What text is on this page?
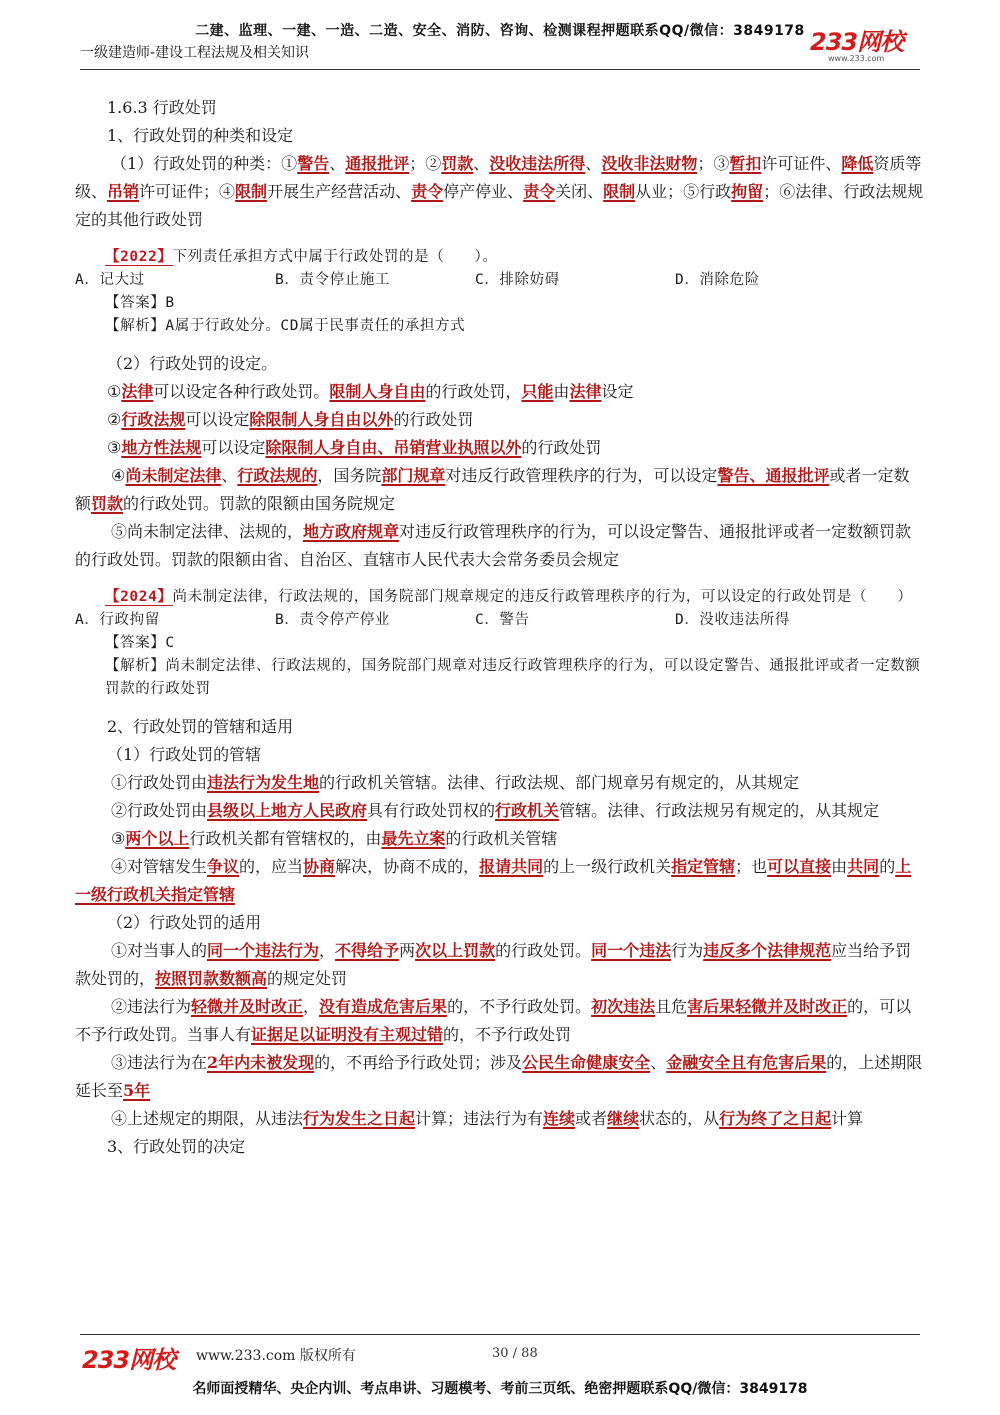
二建、监理、一建、一造、二造、安全、消防、咨询、检测课程押题联系QQ/微信：3849178
一级建造师-建设工程法规及相关知识	233网校
www.233.com

1.6.3 行政处罚

1、行政处罚的种类和设定

（1）行政处罚的种类：①警告、通报批评；②罚款、没收违法所得、没收非法财物；③暂扣许可证件、降低资质等级、吊销许可证件；④限制开展生产经营活动、责令停产停业、责令关闭、限制从业；⑤行政拘留；⑥法律、行政法规规定的其他行政处罚

【2022】下列责任承担方式中属于行政处罚的是（　　）。

A．记大过	B．责令停止施工	C．排除妨碍	D．消除危险

【答案】B

【解析】A属于行政处分。CD属于民事责任的承担方式

（2）行政处罚的设定。

①法律可以设定各种行政处罚。限制人身自由的行政处罚，只能由法律设定

②行政法规可以设定除限制人身自由以外的行政处罚

③地方性法规可以设定除限制人身自由、吊销营业执照以外的行政处罚

④尚未制定法律、行政法规的，国务院部门规章对违反行政管理秩序的行为，可以设定警告、通报批评或者一定数额罚款的行政处罚。罚款的限额由国务院规定

⑤尚未制定法律、法规的，地方政府规章对违反行政管理秩序的行为，可以设定警告、通报批评或者一定数额罚款的行政处罚。罚款的限额由省、自治区、直辖市人民代表大会常务委员会规定

【2024】尚未制定法律，行政法规的，国务院部门规章规定的违反行政管理秩序的行为，可以设定的行政处罚是（　　）

A．行政拘留	B．责令停产停业	C．警告	D．没收违法所得

【答案】C

【解析】尚未制定法律、行政法规的，国务院部门规章对违反行政管理秩序的行为，可以设定警告、通报批评或者一定数额罚款的行政处罚

2、行政处罚的管辖和适用

（1）行政处罚的管辖

①行政处罚由违法行为发生地的行政机关管辖。法律、行政法规、部门规章另有规定的，从其规定

②行政处罚由县级以上地方人民政府具有行政处罚权的行政机关管辖。法律、行政法规另有规定的，从其规定

③两个以上行政机关都有管辖权的，由最先立案的行政机关管辖

④对管辖发生争议的，应当协商解决，协商不成的，报请共同的上一级行政机关指定管辖；也可以直接由共同的上一级行政机关指定管辖

（2）行政处罚的适用

①对当事人的同一个违法行为，不得给予两次以上罚款的行政处罚。同一个违法行为违反多个法律规范应当给予罚款处罚的，按照罚款数额高的规定处罚

②违法行为轻微并及时改正，没有造成危害后果的，不予行政处罚。初次违法且危害后果轻微并及时改正的，可以不予行政处罚。当事人有证据足以证明没有主观过错的，不予行政处罚

③违法行为在2年内未被发现的，不再给予行政处罚；涉及公民生命健康安全、金融安全且有危害后果的，上述期限延长至5年

④上述规定的期限，从违法行为发生之日起计算；违法行为有连续或者继续状态的，从行为终了之日起计算

3、行政处罚的决定

233网校 www.233.com 版权所有	30 / 88
名师面授精华、央企内训、考点串讲、习题模考、考前三页纸、绝密押题联系QQ/微信：3849178
